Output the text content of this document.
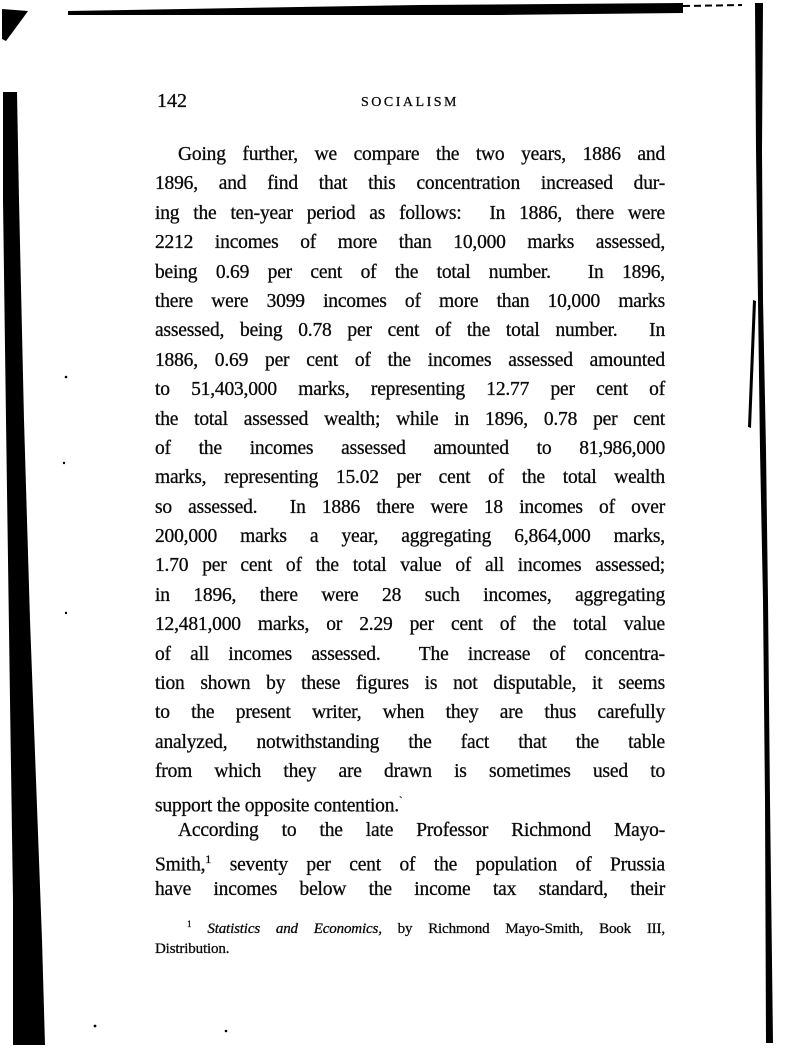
142	SOCIALISM
Going further, we compare the two years, 1886 and
1896, and find that this concentration increased dur-
ing the ten-year period as follows:  In 1886, there were
2212 incomes of more than 10,000 marks assessed,
being 0.69 per cent of the total number.  In 1896,
there were 3099 incomes of more than 10,000 marks
assessed, being 0.78 per cent of the total number.  In
1886, 0.69 per cent of the incomes assessed amounted
to 51,403,000 marks, representing 12.77 per cent of
the total assessed wealth; while in 1896, 0.78 per cent
of the incomes assessed amounted to 81,986,000
marks, representing 15.02 per cent of the total wealth
so assessed.  In 1886 there were 18 incomes of over
200,000 marks a year, aggregating 6,864,000 marks,
1.70 per cent of the total value of all incomes assessed;
in 1896, there were 28 such incomes, aggregating
12,481,000 marks, or 2.29 per cent of the total value
of all incomes assessed.  The increase of concentra-
tion shown by these figures is not disputable, it seems
to the present writer, when they are thus carefully
analyzed, notwithstanding the fact that the table
from which they are drawn is sometimes used to
support the opposite contention.`
According to the late Professor Richmond Mayo-
Smith,$^1$ seventy per cent of the population of Prussia
have incomes below the income tax standard, their
$^1$ Statistics and Economics, by Richmond Mayo-Smith, Book III,
Distribution.
